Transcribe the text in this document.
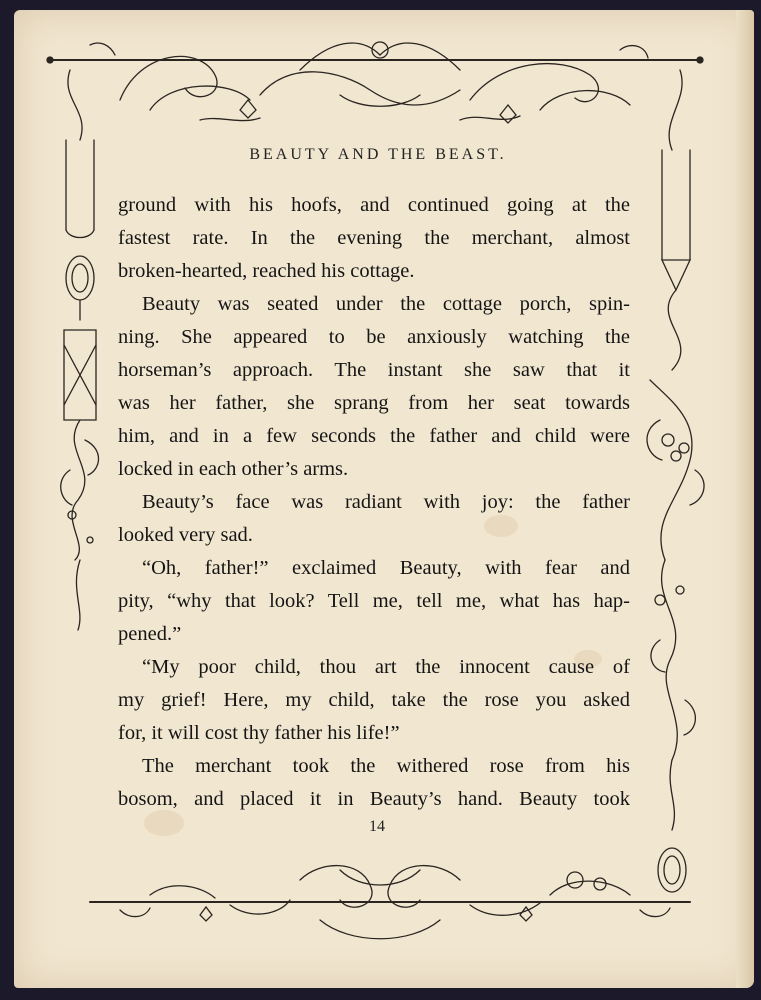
BEAUTY AND THE BEAST.
ground with his hoofs, and continued going at the
fastest rate. In the evening the merchant, almost
broken-hearted, reached his cottage.
Beauty was seated under the cottage porch, spin-
ning. She appeared to be anxiously watching the
horseman’s approach. The instant she saw that it
was her father, she sprang from her seat towards
him, and in a few seconds the father and child were
locked in each other’s arms.
Beauty’s face was radiant with joy: the father
looked very sad.
“Oh, father!” exclaimed Beauty, with fear and
pity, “why that look? Tell me, tell me, what has hap-
pened.”
“My poor child, thou art the innocent cause of
my grief! Here, my child, take the rose you asked
for, it will cost thy father his life!”
The merchant took the withered rose from his
bosom, and placed it in Beauty’s hand. Beauty took
14
